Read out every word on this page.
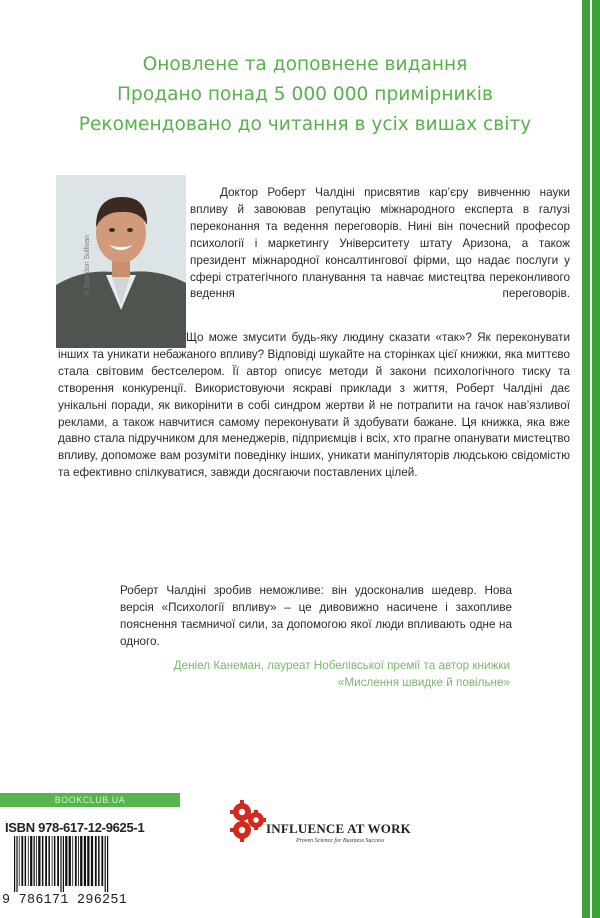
Оновлене та доповнене видання
Продано понад 5 000 000 примірників
Рекомендовано до читання в усіх вишах світу
© Brandon Sullivan
Доктор Роберт Чалдіні присвятив кар’єру вивченню науки впливу й завоював репутацію міжнародного експерта в галузі переконання та ведення переговорів. Нині він почесний професор психології і маркетингу Університету штату Аризона, а також президент міжнародної консалтингової фірми, що надає послуги у сфері стратегічного планування та навчає мистецтва переконливого ведення переговорів.
Що може змусити будь-яку людину сказати «так»? Як переконувати інших та уникати небажаного впливу? Відповіді шукайте на сторінках цієї книжки, яка миттєво стала світовим бестселером. Її автор описує методи й закони психологічного тиску та створення конкуренції. Використовуючи яскраві приклади з життя, Роберт Чалдіні дає унікальні поради, як викорінити в собі синдром жертви й не потрапити на гачок нав’язливої реклами, а також навчитися самому переконувати й здобувати бажане. Ця книжка, яка вже давно стала підручником для менеджерів, підприємців і всіх, хто прагне опанувати мистецтво впливу, допоможе вам розуміти поведінку інших, уникати маніпуляторів людською свідомістю та ефективно спілкуватися, завжди досягаючи поставлених цілей.
Роберт Чалдіні зробив неможливе: він удосконалив шедевр. Нова версія «Психології впливу» – це дивовижно насичене і захопливе пояснення таємничої сили, за допомогою якої люди впливають одне на одного.
Деніел Канеман, лауреат Нобелівської премії та автор книжки
«Мислення швидке й повільне»
BOOKCLUB.UA
ISBN 978-617-12-9625-1
9 786171 296251
INFLUENCE AT WORK
Proven Science for Business Success
